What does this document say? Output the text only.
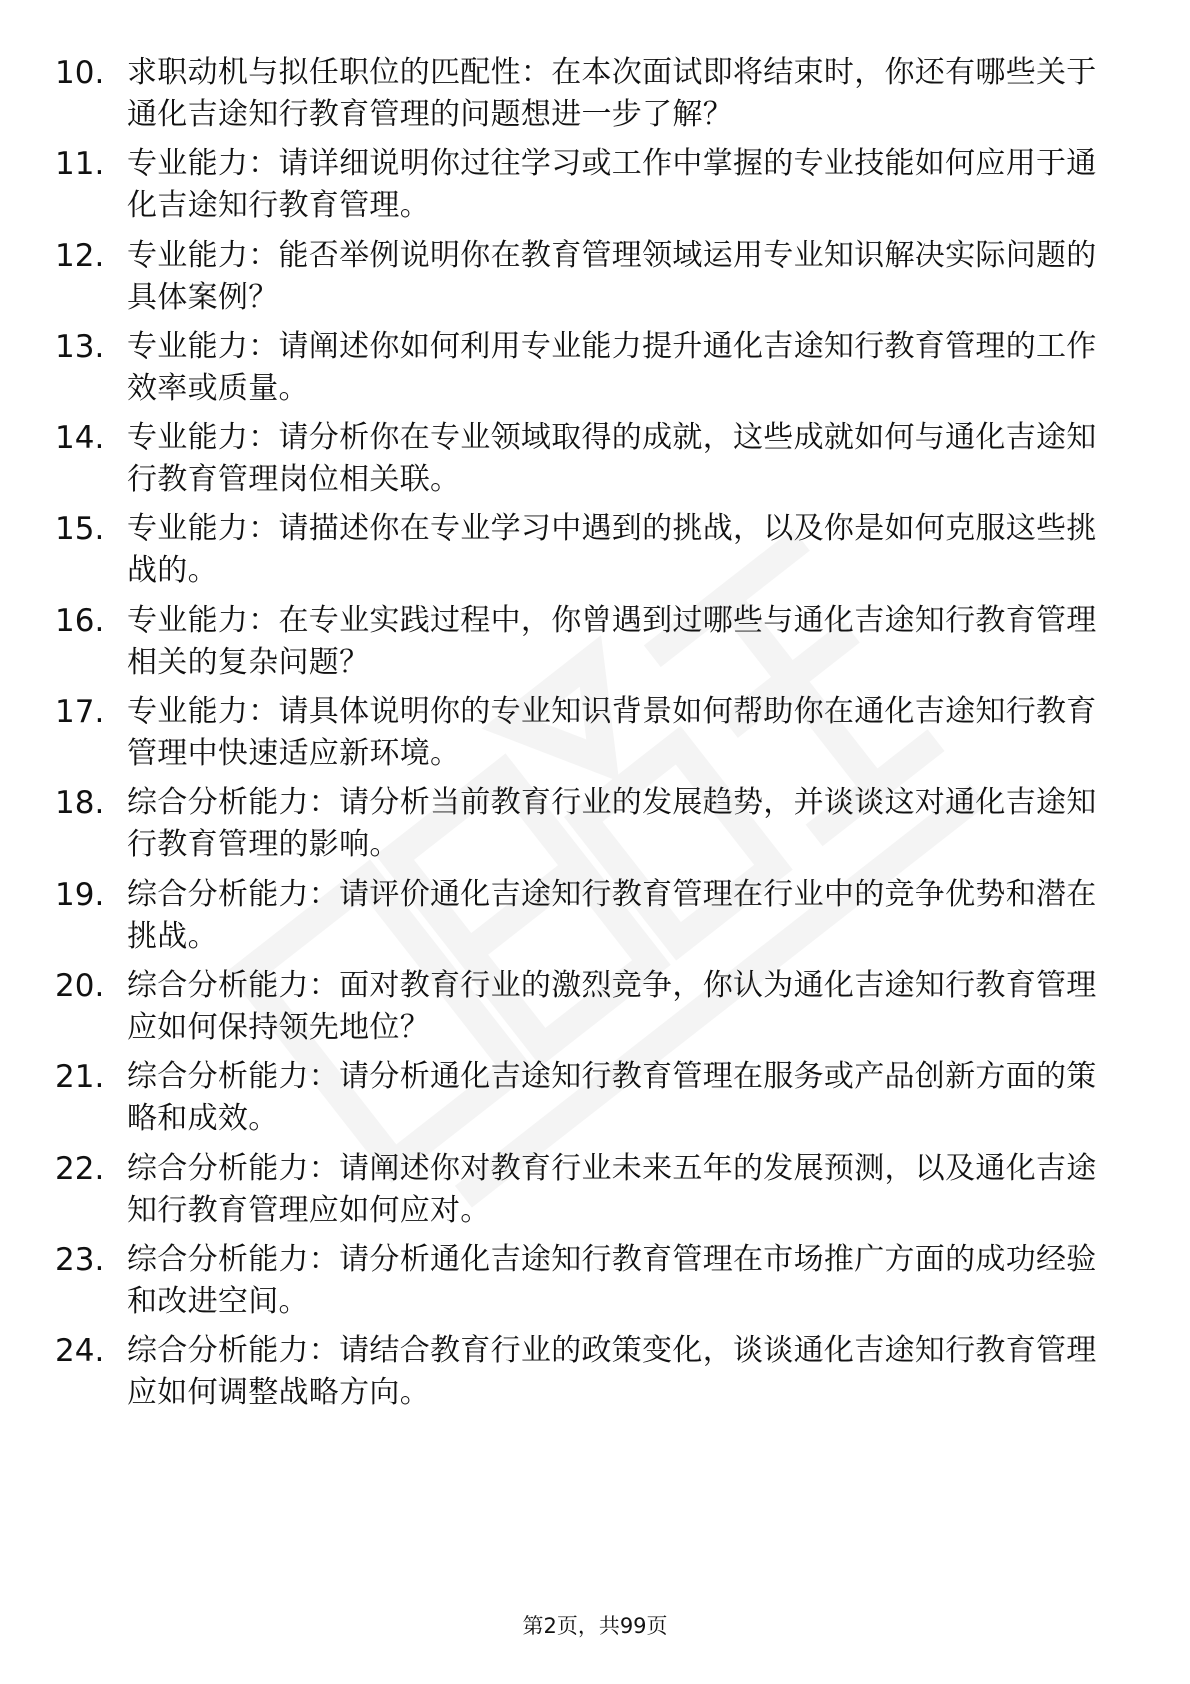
10. 求职动机与拟任职位的匹配性：在本次面试即将结束时，你还有哪些关于通化吉途知行教育管理的问题想进一步了解？
11. 专业能力：请详细说明你过往学习或工作中掌握的专业技能如何应用于通化吉途知行教育管理。
12. 专业能力：能否举例说明你在教育管理领域运用专业知识解决实际问题的具体案例？
13. 专业能力：请阐述你如何利用专业能力提升通化吉途知行教育管理的工作效率或质量。
14. 专业能力：请分析你在专业领域取得的成就，这些成就如何与通化吉途知行教育管理岗位相关联。
15. 专业能力：请描述你在专业学习中遇到的挑战，以及你是如何克服这些挑战的。
16. 专业能力：在专业实践过程中，你曾遇到过哪些与通化吉途知行教育管理相关的复杂问题？
17. 专业能力：请具体说明你的专业知识背景如何帮助你在通化吉途知行教育管理中快速适应新环境。
18. 综合分析能力：请分析当前教育行业的发展趋势，并谈谈这对通化吉途知行教育管理的影响。
19. 综合分析能力：请评价通化吉途知行教育管理在行业中的竞争优势和潜在挑战。
20. 综合分析能力：面对教育行业的激烈竞争，你认为通化吉途知行教育管理应如何保持领先地位？
21. 综合分析能力：请分析通化吉途知行教育管理在服务或产品创新方面的策略和成效。
22. 综合分析能力：请阐述你对教育行业未来五年的发展预测，以及通化吉途知行教育管理应如何应对。
23. 综合分析能力：请分析通化吉途知行教育管理在市场推广方面的成功经验和改进空间。
24. 综合分析能力：请结合教育行业的政策变化，谈谈通化吉途知行教育管理应如何调整战略方向。
第2页，共99页
